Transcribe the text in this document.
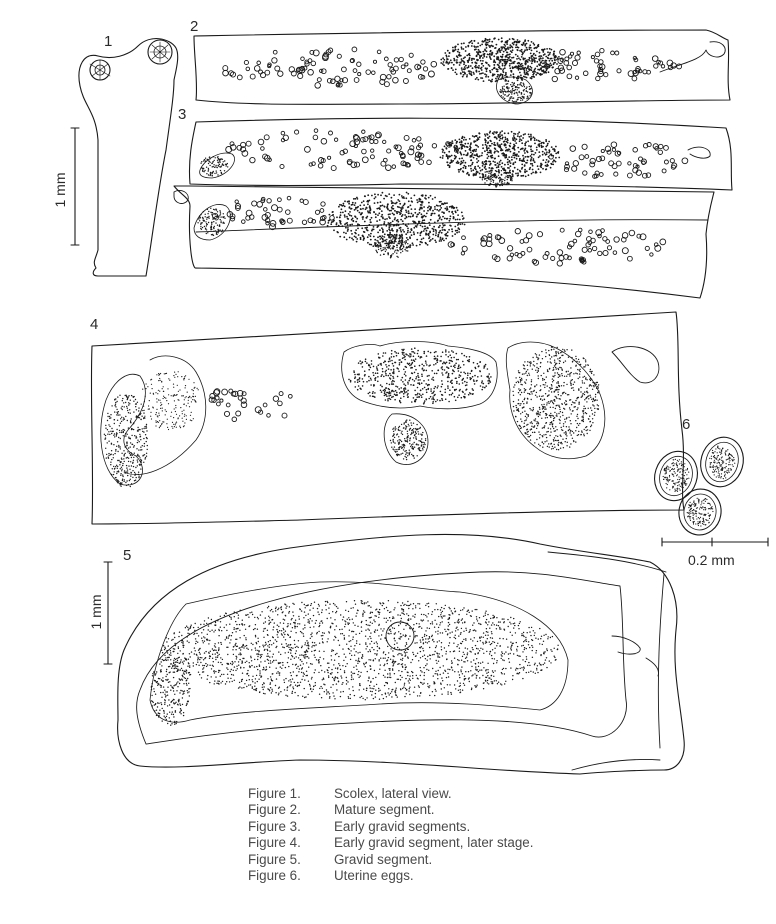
1
2
3
4
5
6
1 mm
1 mm
0.2 mm
Figure 1.	Scolex, lateral view.
Figure 2.	Mature segment.
Figure 3.	Early gravid segments.
Figure 4.	Early gravid segment, later stage.
Figure 5.	Gravid segment.
Figure 6.	Uterine eggs.
